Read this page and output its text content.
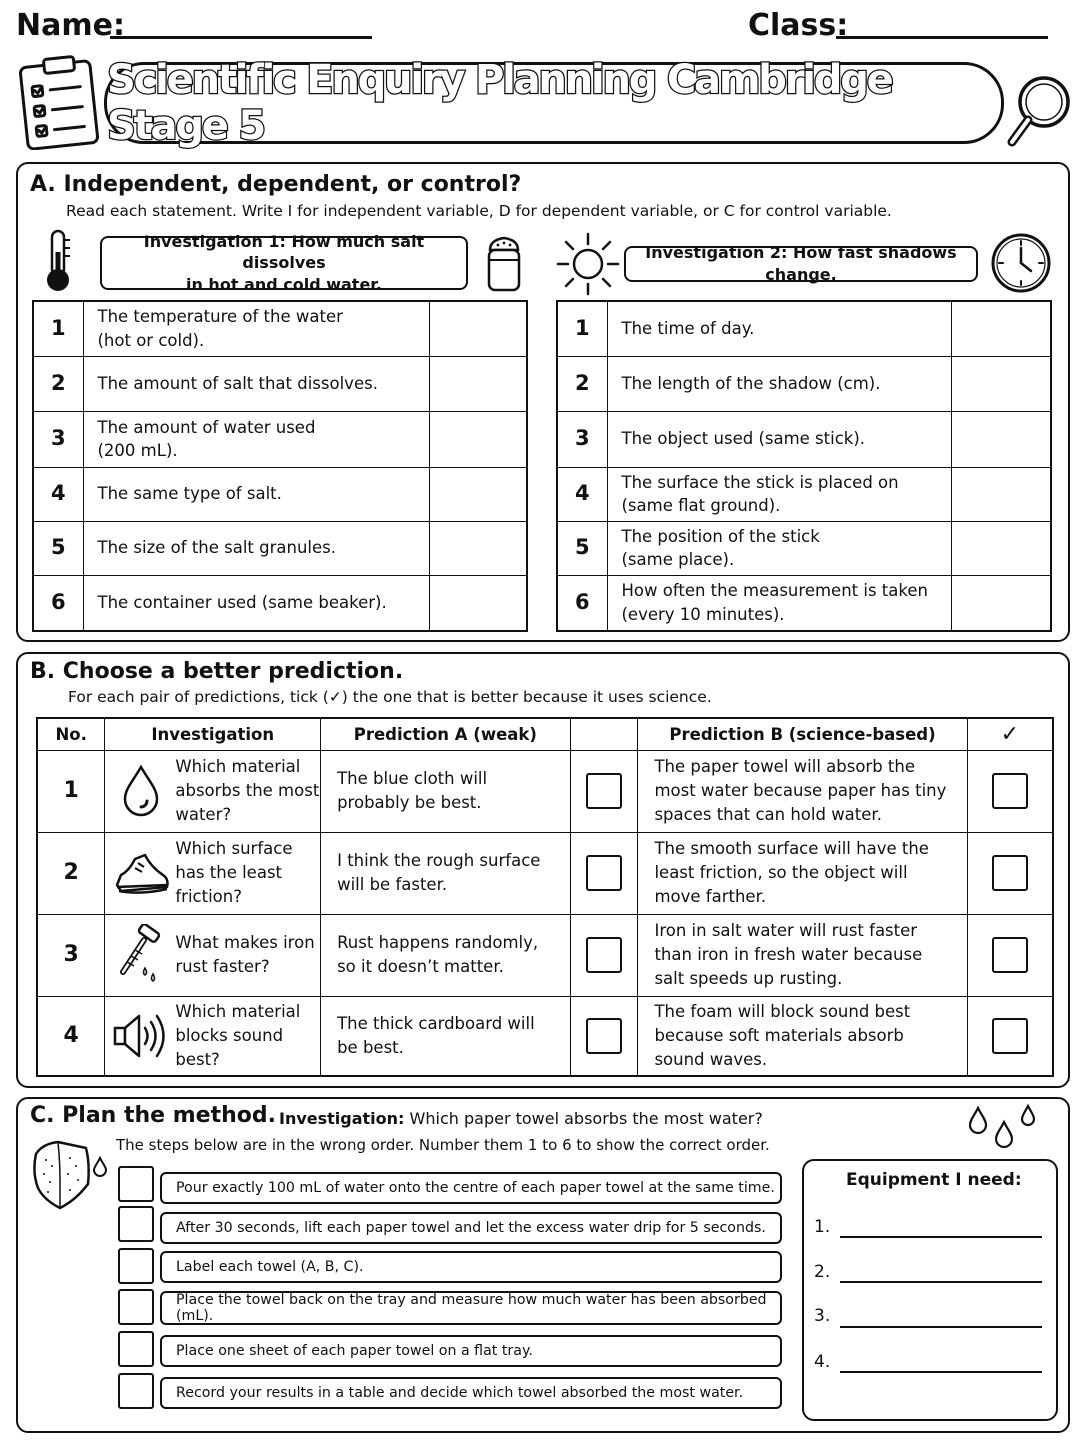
Name:	Class:
Scientific Enquiry Planning Cambridge Stage 5
A. Independent, dependent, or control?
Read each statement. Write I for independent variable, D for dependent variable, or C for control variable.
Investigation 1: How much salt dissolves
in hot and cold water.
Investigation 2: How fast shadows change.
1	The temperature of the water
(hot or cold).	

2	The amount of salt that dissolves.	

3	The amount of water used
(200 mL).	

4	The same type of salt.	

5	The size of the salt granules.	

6	The container used (same beaker).	

1	The time of day.	

2	The length of the shadow (cm).	

3	The object used (same stick).	

4	The surface the stick is placed on
(same flat ground).	

5	The position of the stick
(same place).	

6	How often the measurement is taken
(every 10 minutes).	

B. Choose a better prediction.
For each pair of predictions, tick (✓) the one that is better because it uses science.
No.	Investigation	Prediction A (weak)		Prediction B (science-based)	✓
1	Which material absorbs the most water?	The blue cloth will probably be best.		The paper towel will absorb the most water because paper has tiny spaces that can hold water.	

2	Which surface has the least friction?	I think the rough surface will be faster.		The smooth surface will have the least friction, so the object will move farther.	

3	What makes iron rust faster?	Rust happens randomly, so it doesn’t matter.		Iron in salt water will rust faster than iron in fresh water because salt speeds up rusting.	

4	Which material blocks sound best?	The thick cardboard will be best.		The foam will block sound best because soft materials absorb sound waves.	
C. Plan the method. Investigation: Which paper towel absorbs the most water?
The steps below are in the wrong order. Number them 1 to 6 to show the correct order.
Pour exactly 100 mL of water onto the centre of each paper towel at the same time.
After 30 seconds, lift each paper towel and let the excess water drip for 5 seconds.
Label each towel (A, B, C).
Place the towel back on the tray and measure how much water has been absorbed (mL).
Place one sheet of each paper towel on a flat tray.
Record your results in a table and decide which towel absorbed the most water.
Equipment I need:
1.
2.
3.
4.
